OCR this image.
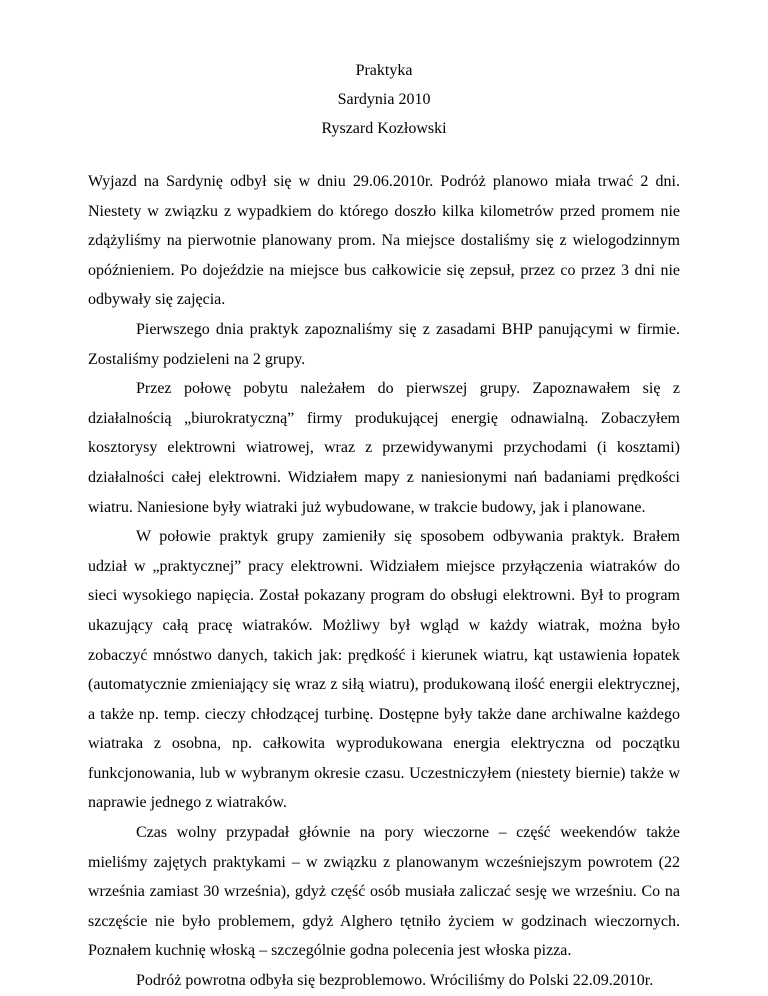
Praktyka
Sardynia 2010
Ryszard Kozłowski

Wyjazd na Sardynię odbył się w dniu 29.06.2010r. Podróż planowo miała trwać 2 dni. Niestety w związku z wypadkiem do którego doszło kilka kilometrów przed promem nie zdążyliśmy na pierwotnie planowany prom. Na miejsce dostaliśmy się z wielogodzinnym opóźnieniem. Po dojeździe na miejsce bus całkowicie się zepsuł, przez co przez 3 dni nie odbywały się zajęcia.

Pierwszego dnia praktyk zapoznaliśmy się z zasadami BHP panującymi w firmie. Zostaliśmy podzieleni na 2 grupy.

Przez połowę pobytu należałem do pierwszej grupy. Zapoznawałem się z działalnością „biurokratyczną” firmy produkującej energię odnawialną. Zobaczyłem kosztorysy elektrowni wiatrowej, wraz z przewidywanymi przychodami (i kosztami) działalności całej elektrowni. Widziałem mapy z naniesionymi nań badaniami prędkości wiatru. Naniesione były wiatraki już wybudowane, w trakcie budowy, jak i planowane.

W połowie praktyk grupy zamieniły się sposobem odbywania praktyk. Brałem udział w „praktycznej” pracy elektrowni. Widziałem miejsce przyłączenia wiatraków do sieci wysokiego napięcia. Został pokazany program do obsługi elektrowni. Był to program ukazujący całą pracę wiatraków. Możliwy był wgląd w każdy wiatrak, można było zobaczyć mnóstwo danych, takich jak: prędkość i kierunek wiatru, kąt ustawienia łopatek (automatycznie zmieniający się wraz z siłą wiatru), produkowaną ilość energii elektrycznej, a także np. temp. cieczy chłodzącej turbinę. Dostępne były także dane archiwalne każdego wiatraka z osobna, np. całkowita wyprodukowana energia elektryczna od początku funkcjonowania, lub w wybranym okresie czasu. Uczestniczyłem (niestety biernie) także w naprawie jednego z wiatraków.

Czas wolny przypadał głównie na pory wieczorne – część weekendów także mieliśmy zajętych praktykami – w związku z planowanym wcześniejszym powrotem (22 września zamiast 30 września), gdyż część osób musiała zaliczać sesję we wrześniu. Co na szczęście nie było problemem, gdyż Alghero tętniło życiem w godzinach wieczornych. Poznałem kuchnię włoską – szczególnie godna polecenia jest włoska pizza.

Podróż powrotna odbyła się bezproblemowo. Wróciliśmy do Polski 22.09.2010r.
